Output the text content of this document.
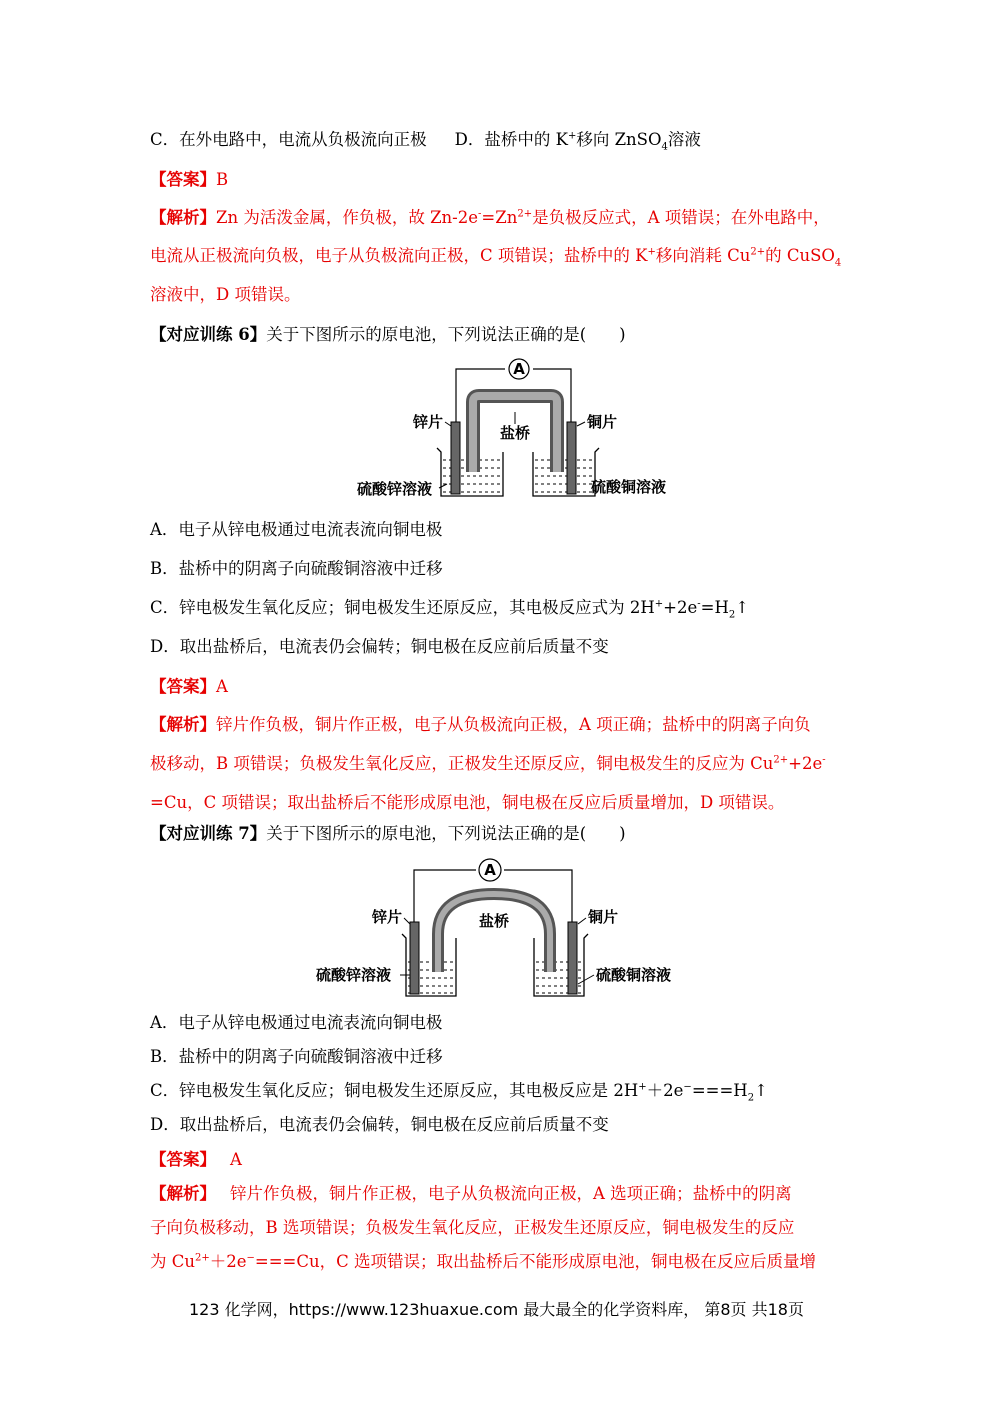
C．在外电路中，电流从负极流向正极 D．盐桥中的 K+移向 ZnSO$_4$溶液
【答案】B
【解析】Zn 为活泼金属，作负极，故 $Zn-2e^-=Zn^{2+}$是负极反应式，A 项错误；在外电路中，
电流从正极流向负极，电子从负极流向正极，C 项错误；盐桥中的 K+移向消耗 $Cu^{2+}$的 CuSO$_4$
溶液中，D 项错误。
【对应训练 6】关于下图所示的原电池，下列说法正确的是(　　)
A
盐桥
锌片	铜片
硫酸锌溶液	硫酸铜溶液
A．电子从锌电极通过电流表流向铜电极
B．盐桥中的阴离子向硫酸铜溶液中迁移
C．锌电极发生氧化反应；铜电极发生还原反应，其电极反应式为 $2H^++2e^-=H_2↑$
D．取出盐桥后，电流表仍会偏转；铜电极在反应前后质量不变
【答案】A
【解析】锌片作负极，铜片作正极，电子从负极流向正极，A 项正确；盐桥中的阴离子向负
极移动，B 项错误；负极发生氧化反应，正极发生还原反应，铜电极发生的反应为 $Cu^{2+}+2e^-$
=Cu，C 项错误；取出盐桥后不能形成原电池，铜电极在反应后质量增加，D 项错误。
【对应训练 7】关于下图所示的原电池，下列说法正确的是(　　)
A
盐桥
锌片	铜片
硫酸锌溶液	硫酸铜溶液
A．电子从锌电极通过电流表流向铜电极
B．盐桥中的阴离子向硫酸铜溶液中迁移
C．锌电极发生氧化反应；铜电极发生还原反应，其电极反应是 $2H^++2e^-===H_2↑$
D．取出盐桥后，电流表仍会偏转，铜电极在反应前后质量不变
【答案】 A
【解析】 锌片作负极，铜片作正极，电子从负极流向正极，A 选项正确；盐桥中的阴离
子向负极移动，B 选项错误；负极发生氧化反应，正极发生还原反应，铜电极发生的反应
为 $Cu^{2+}+2e^-===Cu$，C 选项错误；取出盐桥后不能形成原电池，铜电极在反应后质量增
123 化学网，https://www.123huaxue.com 最大最全的化学资料库， 第8页 共18页
